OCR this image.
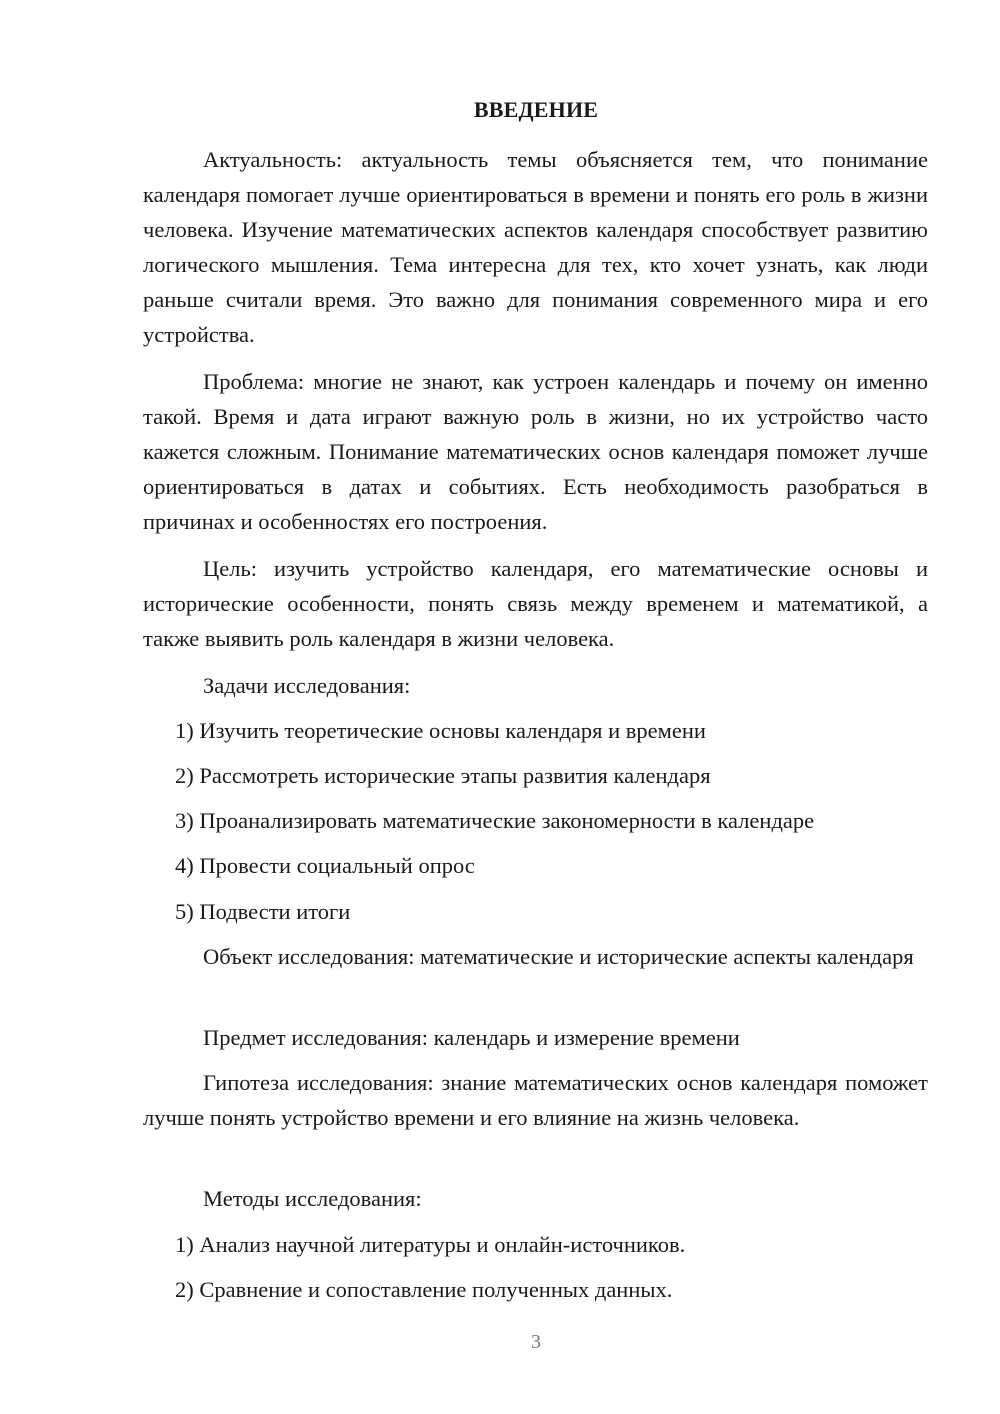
ВВЕДЕНИЕ

Актуальность: актуальность темы объясняется тем, что понимание календаря помогает лучше ориентироваться в времени и понять его роль в жизни человека. Изучение математических аспектов календаря способствует развитию логического мышления. Тема интересна для тех, кто хочет узнать, как люди раньше считали время. Это важно для понимания современного мира и его устройства.

Проблема: многие не знают, как устроен календарь и почему он именно такой. Время и дата играют важную роль в жизни, но их устройство часто кажется сложным. Понимание математических основ календаря поможет лучше ориентироваться в датах и событиях. Есть необходимость разобраться в причинах и особенностях его построения.

Цель: изучить устройство календаря, его математические основы и исторические особенности, понять связь между временем и математикой, а также выявить роль календаря в жизни человека.

Задачи исследования:

1) Изучить теоретические основы календаря и времени

2) Рассмотреть исторические этапы развития календаря

3) Проанализировать математические закономерности в календаре

4) Провести социальный опрос

5) Подвести итоги

Объект исследования: математические и исторические аспекты календаря

Предмет исследования: календарь и измерение времени

Гипотеза исследования: знание математических основ календаря поможет лучше понять устройство времени и его влияние на жизнь человека.

Методы исследования:

1) Анализ научной литературы и онлайн-источников.

2) Сравнение и сопоставление полученных данных.

3
